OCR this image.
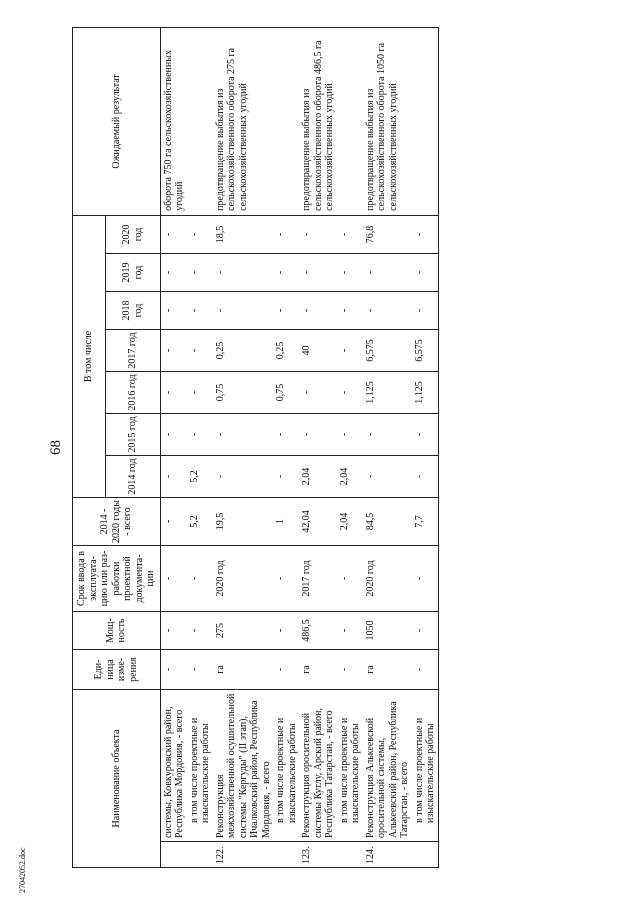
68
27042052.doc
Наименование объекта		Еди-ница изме-рения	Мощ-ность	Срок ввода в эксплуата-цию или раз-работки проектной документа-ции	2014 - 2020 годы - всего	В том числе							Ожидаемый результат
						2014 год	2015 год	2016 год	2017 год	2018 год	2019 год	2020 год	
	системы, Ковкуровский район, Республика Мордовия, - всего	-	-	-	-	-	-	-	-	-	-	-	оборота 750 га сельскохозяйственных угодий
	в том числе проектные и изыскательские работы	-	-	-	5,2	5,2	-	-	-	-	-	-	
122.	Реконструкция межхозяйственной осушительной системы "Кергуды" (II этап), Ичалковский район, Республика Мордовия, - всего	га	275	2020 год	19,5	-	-	0,75	0,25	-	-	18,5	предотвращение выбытия из сельскохозяйственного оборота 275 га сельскохозяйственных угодий
	в том числе проектные и изыскательские работы	-	-	-	1	-	-	0,75	0,25	-	-	-	
123.	Реконструкция оросительной системы Кутлу, Арский район, Республика Татарстан, - всего	га	486,5	2017 год	42,04	2,04	-	-	40	-	-	-	предотвращение выбытия из сельскохозяйственного оборота 486,5 га сельскохозяйственных угодий
	в том числе проектные и изыскательские работы	-	-	-	2,04	2,04	-	-	-	-	-	-	
124.	Реконструкция Алькеевской оросительной системы, Алькеевский район, Республика Татарстан, - всего	га	1050	2020 год	84,5	-	-	1,125	6,575	-	-	76,8	предотвращение выбытия из сельскохозяйственного оборота 1050 га сельскохозяйственных угодий
	в том числе проектные и изыскательские работы	-	-	-	7,7	-	-	1,125	6,575	-	-	-	
